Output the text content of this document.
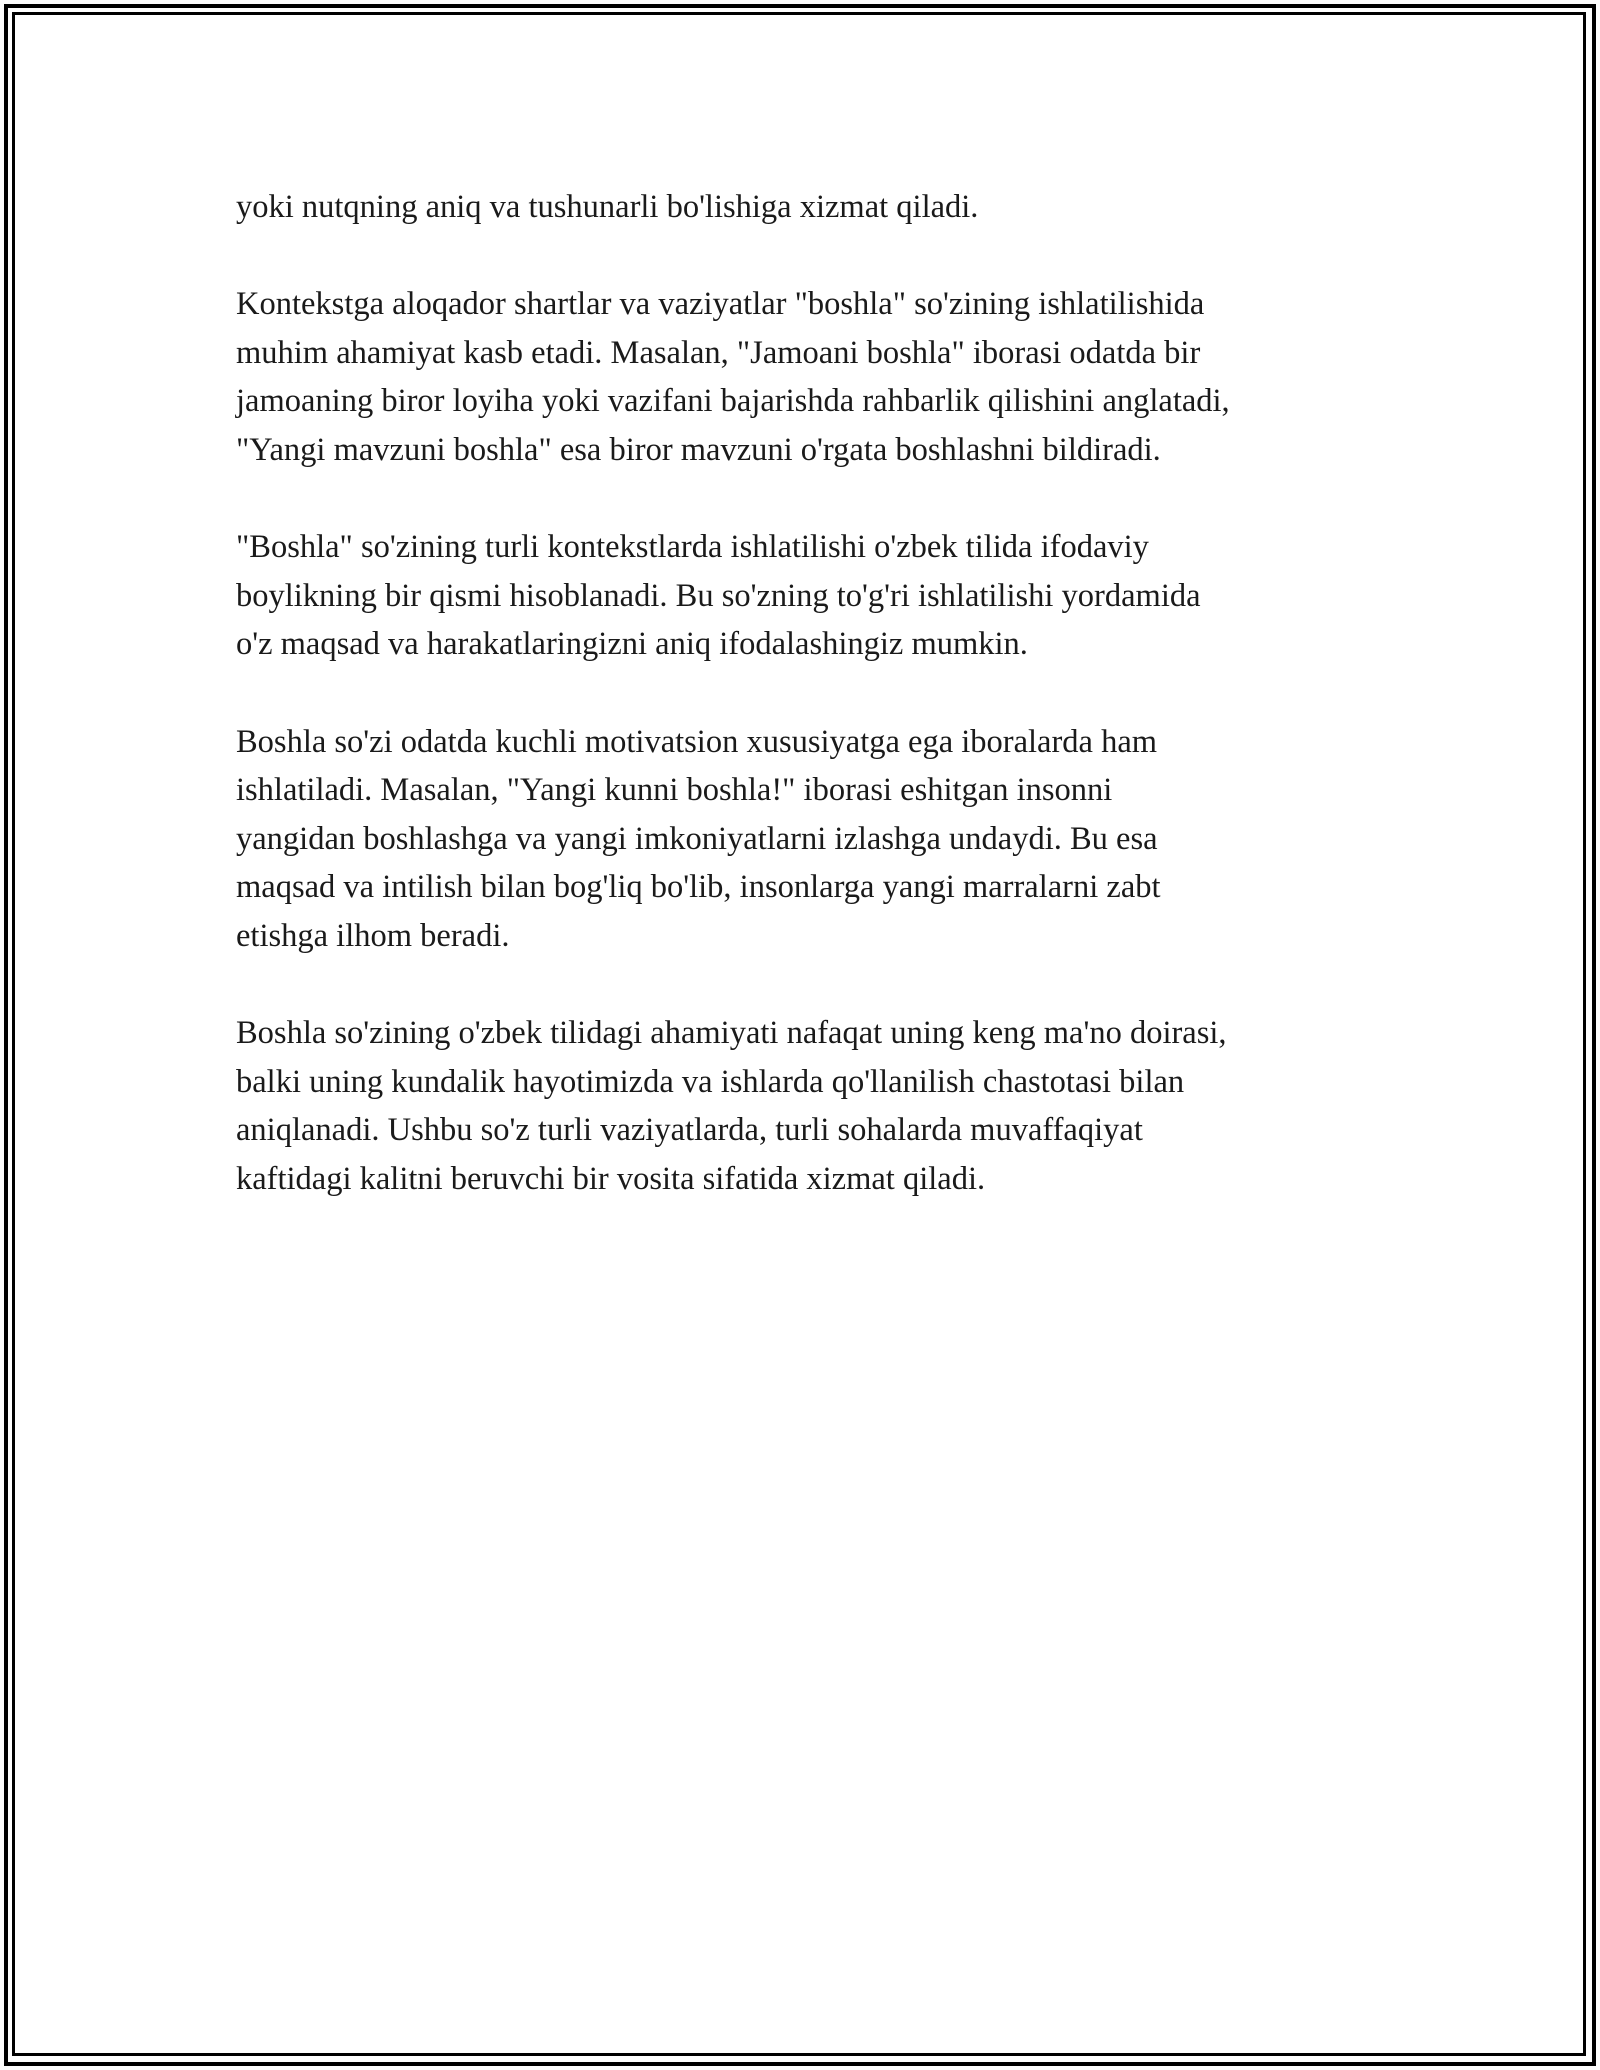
yoki nutqning aniq va tushunarli bo'lishiga xizmat qiladi.

Kontekstga aloqador shartlar va vaziyatlar "boshla" so'zining ishlatilishida
muhim ahamiyat kasb etadi. Masalan, "Jamoani boshla" iborasi odatda bir
jamoaning biror loyiha yoki vazifani bajarishda rahbarlik qilishini anglatadi,
"Yangi mavzuni boshla" esa biror mavzuni o'rgata boshlashni bildiradi.

"Boshla" so'zining turli kontekstlarda ishlatilishi o'zbek tilida ifodaviy
boylikning bir qismi hisoblanadi. Bu so'zning to'g'ri ishlatilishi yordamida
o'z maqsad va harakatlaringizni aniq ifodalashingiz mumkin.

Boshla so'zi odatda kuchli motivatsion xususiyatga ega iboralarda ham
ishlatiladi. Masalan, "Yangi kunni boshla!" iborasi eshitgan insonni
yangidan boshlashga va yangi imkoniyatlarni izlashga undaydi. Bu esa
maqsad va intilish bilan bog'liq bo'lib, insonlarga yangi marralarni zabt
etishga ilhom beradi.

Boshla so'zining o'zbek tilidagi ahamiyati nafaqat uning keng ma'no doirasi,
balki uning kundalik hayotimizda va ishlarda qo'llanilish chastotasi bilan
aniqlanadi. Ushbu so'z turli vaziyatlarda, turli sohalarda muvaffaqiyat
kaftidagi kalitni beruvchi bir vosita sifatida xizmat qiladi.
